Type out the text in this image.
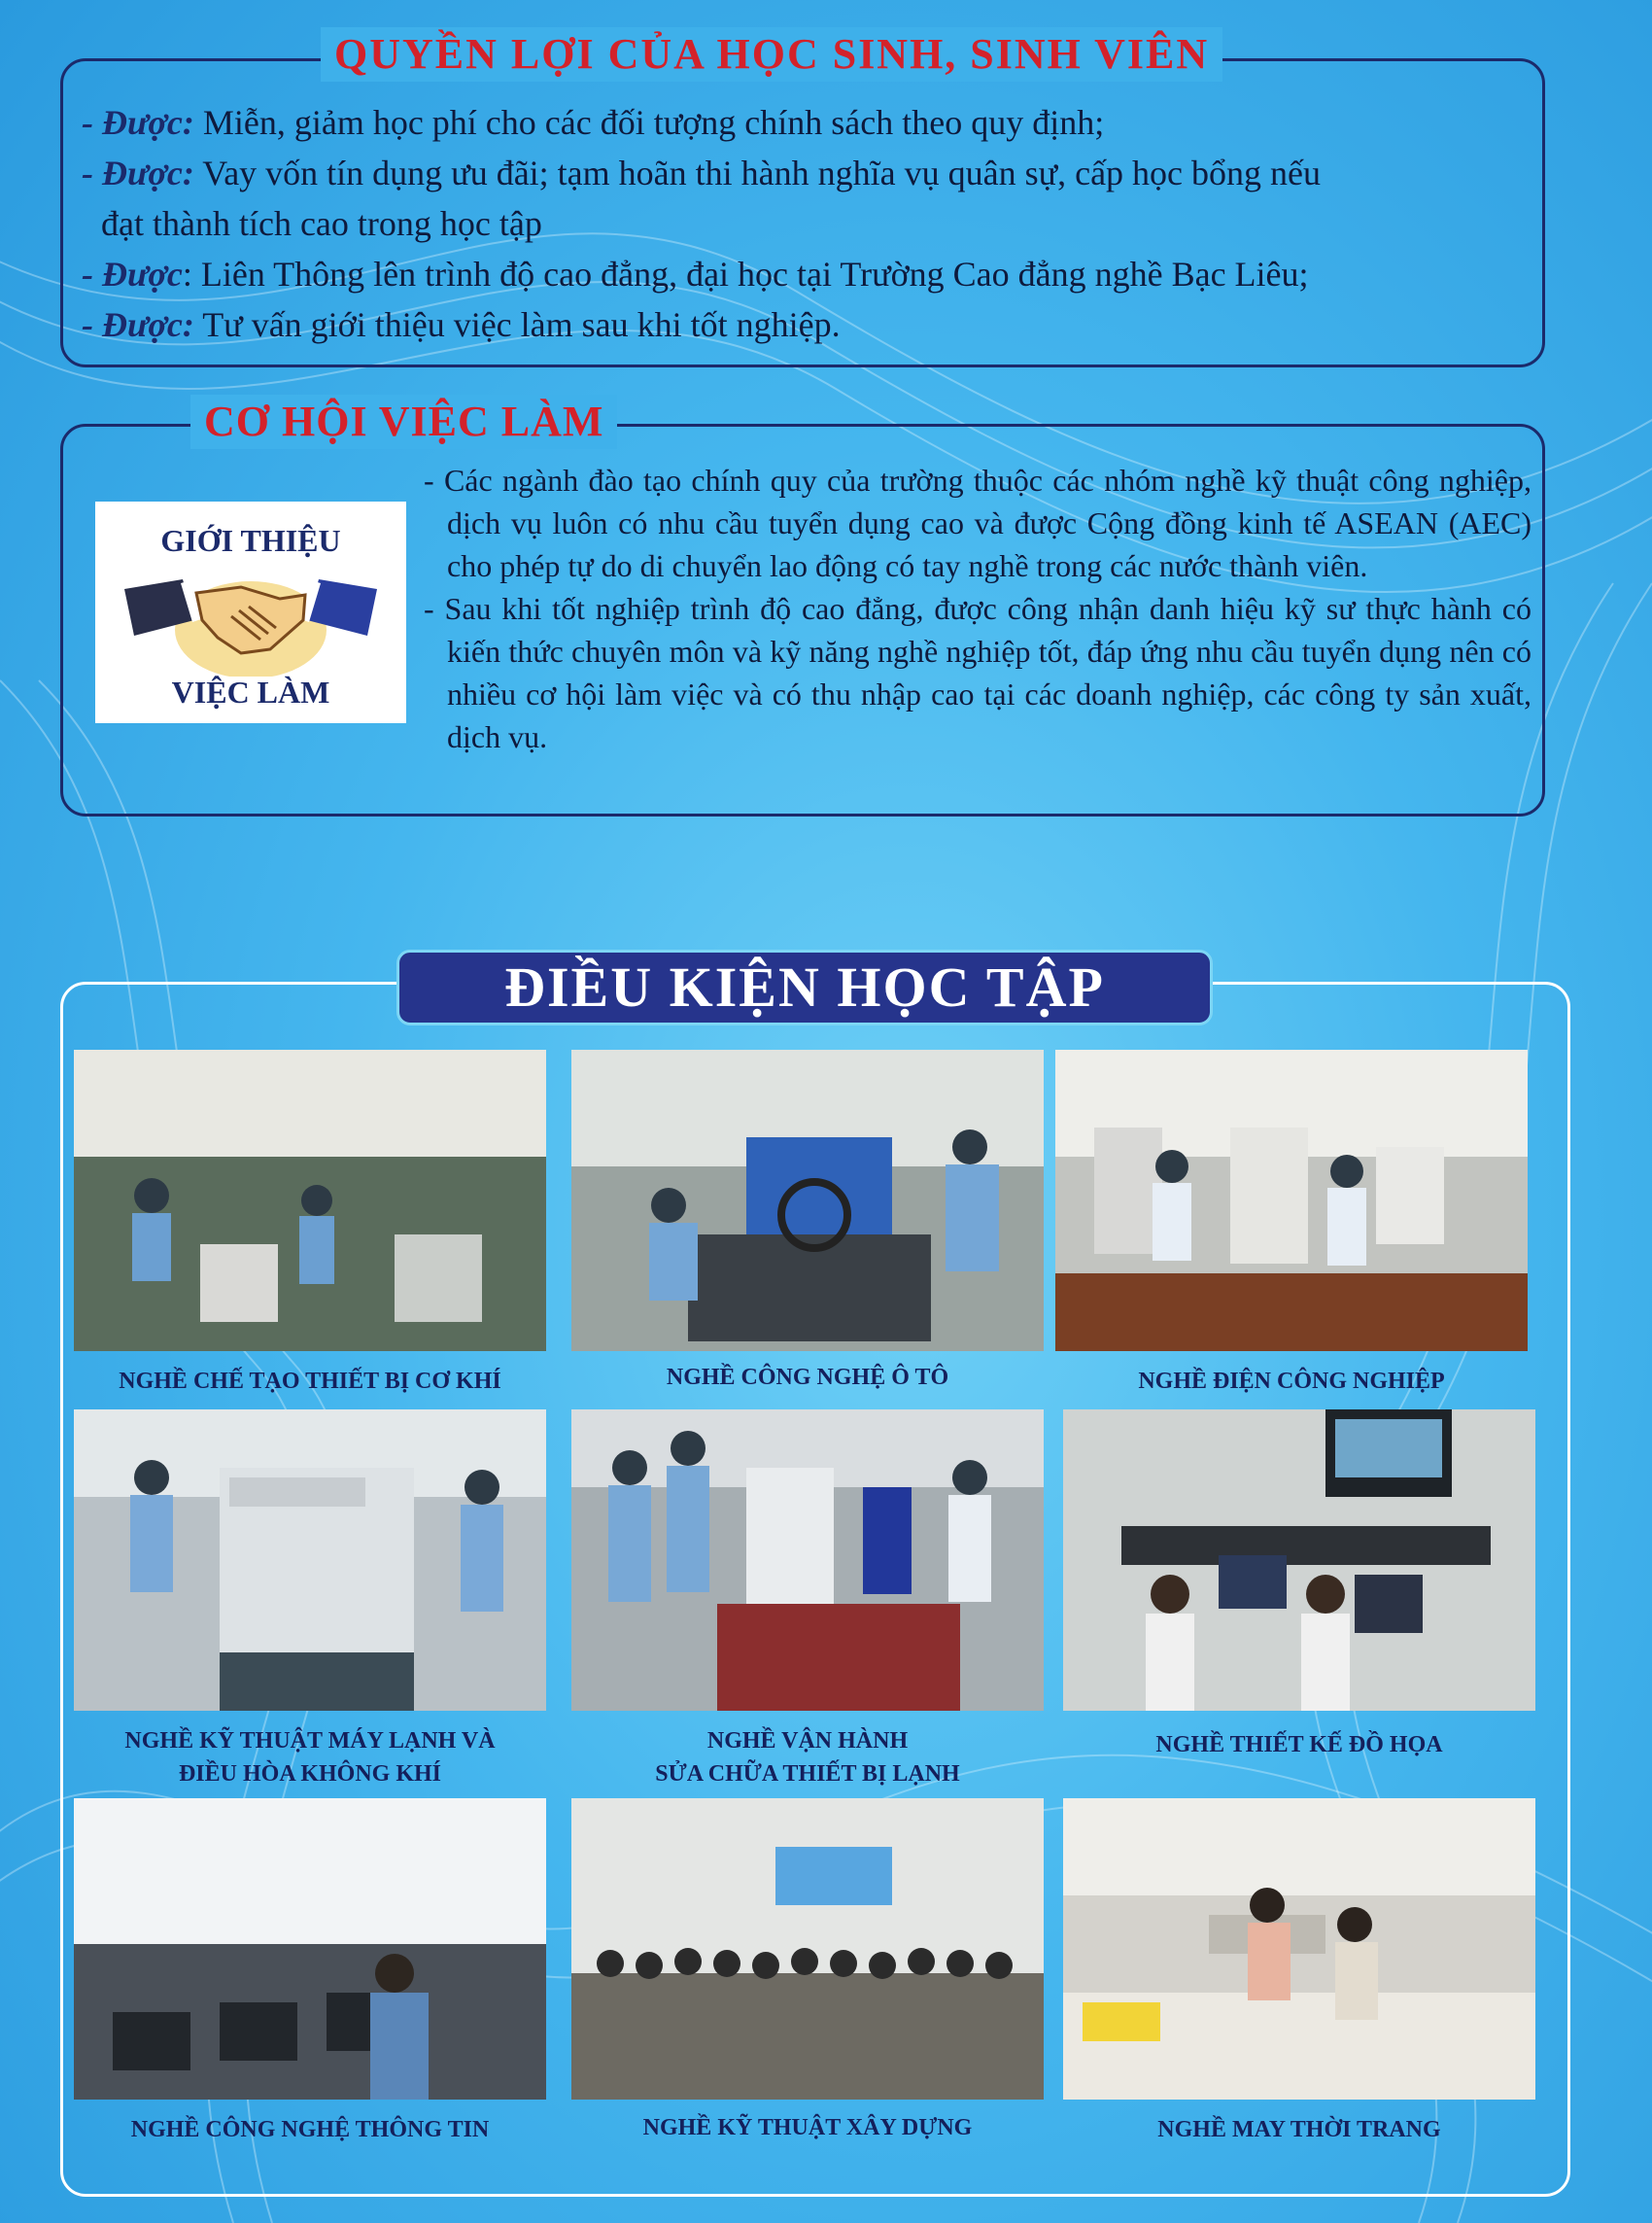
QUYỀN LỢI CỦA HỌC SINH, SINH VIÊN
- Được: Miễn, giảm học phí cho các đối tượng chính sách theo quy định;
- Được: Vay vốn tín dụng ưu đãi; tạm hoãn thi hành nghĩa vụ quân sự, cấp học bổng nếu
đạt thành tích cao trong học tập
- Được: Liên Thông lên trình độ cao đẳng, đại học tại Trường Cao đẳng nghề Bạc Liêu;
- Được: Tư vấn giới thiệu việc làm sau khi tốt nghiệp.
CƠ HỘI VIỆC LÀM
GIỚI THIỆU
VIỆC LÀM
- Các ngành đào tạo chính quy của trường thuộc các nhóm nghề kỹ thuật công nghiệp, dịch vụ luôn có nhu cầu tuyển dụng cao và được Cộng đồng kinh tế ASEAN (AEC) cho phép tự do di chuyển lao động có tay nghề trong các nước thành viên.
- Sau khi tốt nghiệp trình độ cao đẳng, được công nhận danh hiệu kỹ sư thực hành có kiến thức chuyên môn và kỹ năng nghề nghiệp tốt, đáp ứng nhu cầu tuyển dụng nên có nhiều cơ hội làm việc và có thu nhập cao tại các doanh nghiệp, các công ty sản xuất, dịch vụ.
ĐIỀU KIỆN HỌC TẬP
NGHỀ CHẾ TẠO THIẾT BỊ CƠ KHÍ	NGHỀ CÔNG NGHỆ Ô TÔ	NGHỀ ĐIỆN CÔNG NGHIỆP
NGHỀ KỸ THUẬT MÁY LẠNH VÀ
ĐIỀU HÒA KHÔNG KHÍ
NGHỀ VẬN HÀNH
SỬA CHỮA THIẾT BỊ LẠNH
NGHỀ THIẾT KẾ ĐỒ HỌA
NGHỀ CÔNG NGHỆ THÔNG TIN	NGHỀ KỸ THUẬT XÂY DỰNG	NGHỀ MAY THỜI TRANG
